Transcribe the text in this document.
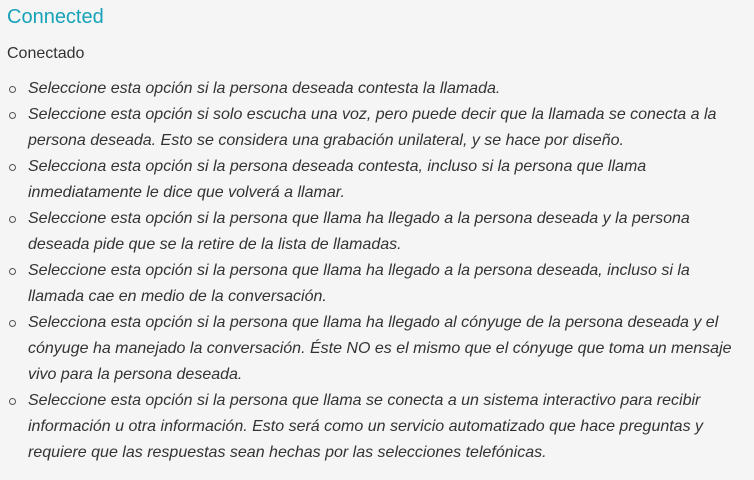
Connected
Conectado
Seleccione esta opción si la persona deseada contesta la llamada.
Seleccione esta opción si solo escucha una voz, pero puede decir que la llamada se conecta a la persona deseada. Esto se considera una grabación unilateral, y se hace por diseño.
Selecciona esta opción si la persona deseada contesta, incluso si la persona que llama inmediatamente le dice que volverá a llamar.
Seleccione esta opción si la persona que llama ha llegado a la persona deseada y la persona deseada pide que se la retire de la lista de llamadas.
Seleccione esta opción si la persona que llama ha llegado a la persona deseada, incluso si la llamada cae en medio de la conversación.
Selecciona esta opción si la persona que llama ha llegado al cónyuge de la persona deseada y el cónyuge ha manejado la conversación. Éste NO es el mismo que el cónyuge que toma un mensaje vivo para la persona deseada.
Seleccione esta opción si la persona que llama se conecta a un sistema interactivo para recibir información u otra información. Esto será como un servicio automatizado que hace preguntas y requiere que las respuestas sean hechas por las selecciones telefónicas.
